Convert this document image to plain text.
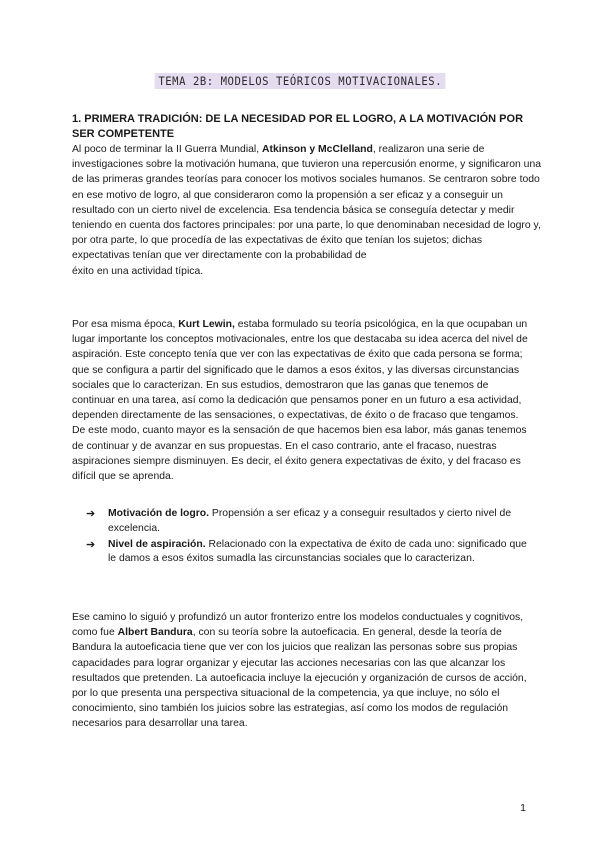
TEMA 2B: MODELOS TEÓRICOS MOTIVACIONALES.
1. PRIMERA TRADICIÓN: DE LA NECESIDAD POR EL LOGRO, A LA MOTIVACIÓN POR SER COMPETENTE

Al poco de terminar la II Guerra Mundial, Atkinson y McClelland, realizaron una serie de investigaciones sobre la motivación humana, que tuvieron una repercusión enorme, y significaron una de las primeras grandes teorías para conocer los motivos sociales humanos. Se centraron sobre todo en ese motivo de logro, al que consideraron como la propensión a ser eficaz y a conseguir un resultado con un cierto nivel de excelencia. Esa tendencia básica se conseguía detectar y medir teniendo en cuenta dos factores principales: por una parte, lo que denominaban necesidad de logro y, por otra parte, lo que procedía de las expectativas de éxito que tenían los sujetos; dichas expectativas tenían que ver directamente con la probabilidad de

éxito en una actividad típica.

Por esa misma época, Kurt Lewin, estaba formulado su teoría psicológica, en la que ocupaban un lugar importante los conceptos motivacionales, entre los que destacaba su idea acerca del nivel de aspiración. Este concepto tenía que ver con las expectativas de éxito que cada persona se forma; que se configura a partir del significado que le damos a esos éxitos, y las diversas circunstancias sociales que lo caracterizan. En sus estudios, demostraron que las ganas que tenemos de continuar en una tarea, así como la dedicación que pensamos poner en un futuro a esa actividad, dependen directamente de las sensaciones, o expectativas, de éxito o de fracaso que tengamos. De este modo, cuanto mayor es la sensación de que hacemos bien esa labor, más ganas tenemos de continuar y de avanzar en sus propuestas. En el caso contrario, ante el fracaso, nuestras aspiraciones siempre disminuyen. Es decir, el éxito genera expectativas de éxito, y del fracaso es difícil que se aprenda.

➔ Motivación de logro. Propensión a ser eficaz y a conseguir resultados y cierto nivel de excelencia.
➔ Nivel de aspiración. Relacionado con la expectativa de éxito de cada uno: significado que le damos a esos éxitos sumadla las circunstancias sociales que lo caracterizan.

Ese camino lo siguió y profundizó un autor fronterizo entre los modelos conductuales y cognitivos, como fue Albert Bandura, con su teoría sobre la autoeficacia. En general, desde la teoría de Bandura la autoeficacia tiene que ver con los juicios que realizan las personas sobre sus propias capacidades para lograr organizar y ejecutar las acciones necesarias con las que alcanzar los resultados que pretenden. La autoeficacia incluye la ejecución y organización de cursos de acción, por lo que presenta una perspectiva situacional de la competencia, ya que incluye, no sólo el conocimiento, sino también los juicios sobre las estrategias, así como los modos de regulación necesarios para desarrollar una tarea.

1
